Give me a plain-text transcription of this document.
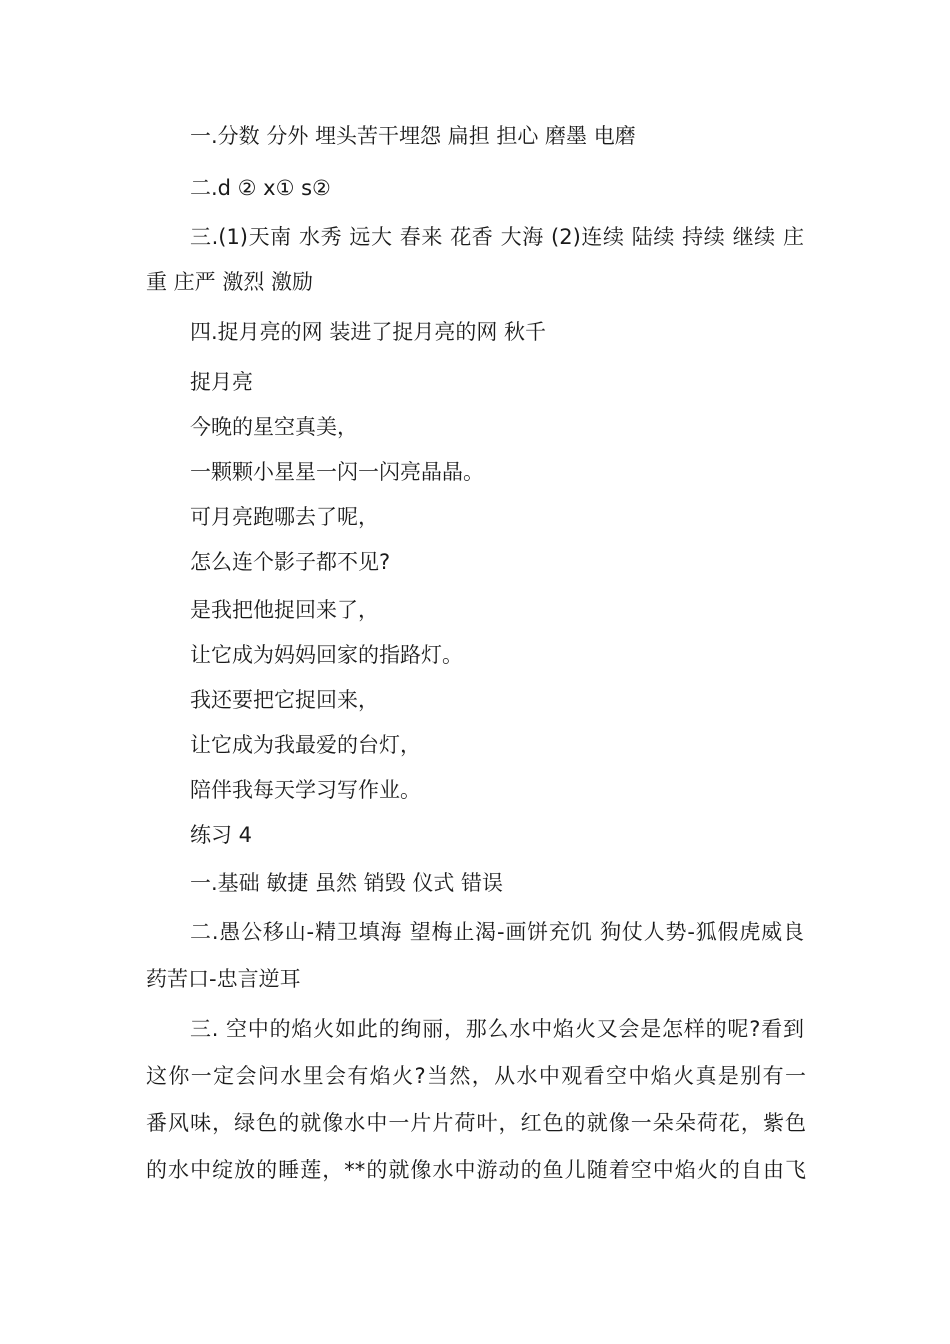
一.分数 分外 埋头苦干埋怨 扁担 担心 磨墨 电磨

二.d ② x① s②

三.(1)天南 水秀 远大 春来 花香 大海 (2)连续 陆续 持续 继续 庄

重 庄严 激烈 激励

四.捉月亮的网 装进了捉月亮的网 秋千

捉月亮

今晚的星空真美，

一颗颗小星星一闪一闪亮晶晶。

可月亮跑哪去了呢，

怎么连个影子都不见?

是我把他捉回来了，

让它成为妈妈回家的指路灯。

我还要把它捉回来，

让它成为我最爱的台灯，

陪伴我每天学习写作业。

练习 4

一.基础 敏捷 虽然 销毁 仪式 错误

二.愚公移山-精卫填海 望梅止渴-画饼充饥 狗仗人势-狐假虎威良

药苦口-忠言逆耳

三. 空中的焰火如此的绚丽，那么水中焰火又会是怎样的呢?看到

这你一定会问水里会有焰火?当然，从水中观看空中焰火真是别有一

番风味，绿色的就像水中一片片荷叶，红色的就像一朵朵荷花，紫色

的水中绽放的睡莲，**的就像水中游动的鱼儿随着空中焰火的自由飞
